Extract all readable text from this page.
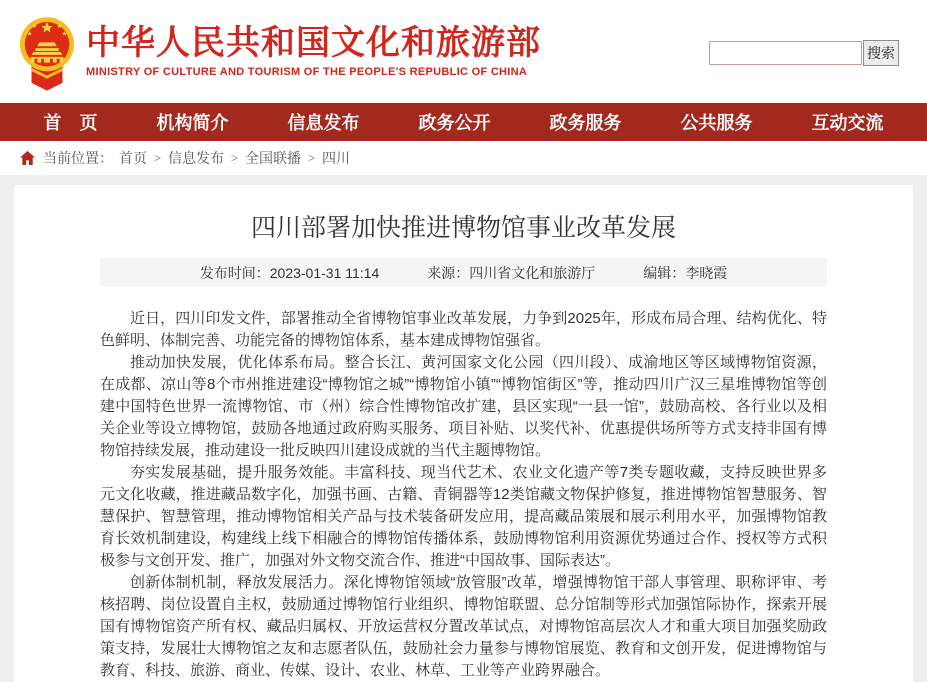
中华人民共和国文化和旅游部
MINISTRY OF CULTURE AND TOURISM OF THE PEOPLE'S REPUBLIC OF CHINA
搜索
首　页	机构简介	信息发布	政务公开	政务服务	公共服务	互动交流
当前位置： 首页 > 信息发布 > 全国联播 > 四川
四川部署加快推进博物馆事业改革发展
发布时间：2023-01-31 11:14	来源：四川省文化和旅游厅	编辑：李晓霞

近日，四川印发文件，部署推动全省博物馆事业改革发展，力争到2025年，形成布局合理、结构优化、特色鲜明、体制完善、功能完备的博物馆体系，基本建成博物馆强省。

推动加快发展，优化体系布局。整合长江、黄河国家文化公园（四川段）、成渝地区等区域博物馆资源，在成都、凉山等8个市州推进建设“博物馆之城”“博物馆小镇”“博物馆街区”等，推动四川广汉三星堆博物馆等创建中国特色世界一流博物馆、市（州）综合性博物馆改扩建，县区实现“一县一馆”，鼓励高校、各行业以及相关企业等设立博物馆，鼓励各地通过政府购买服务、项目补贴、以奖代补、优惠提供场所等方式支持非国有博物馆持续发展，推动建设一批反映四川建设成就的当代主题博物馆。

夯实发展基础，提升服务效能。丰富科技、现当代艺术、农业文化遗产等7类专题收藏，支持反映世界多元文化收藏，推进藏品数字化，加强书画、古籍、青铜器等12类馆藏文物保护修复，推进博物馆智慧服务、智慧保护、智慧管理，推动博物馆相关产品与技术装备研发应用，提高藏品策展和展示利用水平，加强博物馆教育长效机制建设，构建线上线下相融合的博物馆传播体系，鼓励博物馆利用资源优势通过合作、授权等方式积极参与文创开发、推广，加强对外文物交流合作、推进“中国故事、国际表达”。

创新体制机制，释放发展活力。深化博物馆领域“放管服”改革，增强博物馆干部人事管理、职称评审、考核招聘、岗位设置自主权，鼓励通过博物馆行业组织、博物馆联盟、总分馆制等形式加强馆际协作，探索开展国有博物馆资产所有权、藏品归属权、开放运营权分置改革试点，对博物馆高层次人才和重大项目加强奖励政策支持，发展壮大博物馆之友和志愿者队伍，鼓励社会力量参与博物馆展览、教育和文创开发，促进博物馆与教育、科技、旅游、商业、传媒、设计、农业、林草、工业等产业跨界融合。
